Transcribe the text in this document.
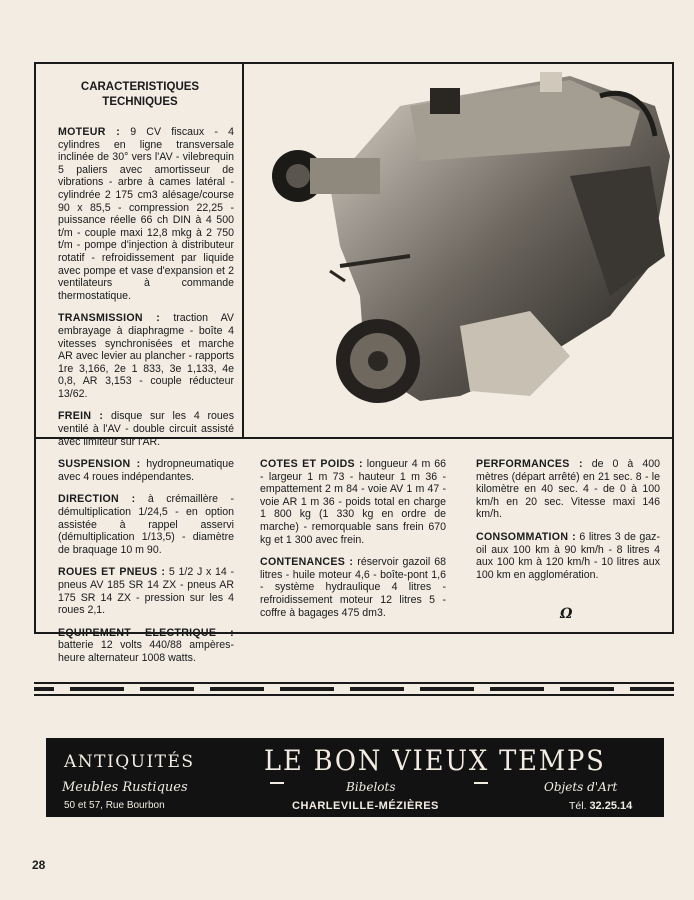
CARACTERISTIQUES
TECHNIQUES

MOTEUR : 9 CV fiscaux - 4 cylindres en ligne transversale inclinée de 30° vers l'AV - vilebrequin 5 paliers avec amortisseur de vibrations - arbre à cames latéral - cylindrée 2 175 cm3 alésage/course 90 x 85,5 - compression 22,25 - puissance réelle 66 ch DIN à 4 500 t/m - couple maxi 12,8 mkg à 2 750 t/m - pompe d'injection à distributeur rotatif - refroidissement par liquide avec pompe et vase d'expansion et 2 ventilateurs à commande thermostatique.

TRANSMISSION : traction AV embrayage à diaphragme - boîte 4 vitesses synchronisées et marche AR avec levier au plancher - rapports 1re 3,166, 2e 1 833, 3e 1,133, 4e 0,8, AR 3,153 - couple réducteur 13/62.

FREIN : disque sur les 4 roues ventilé à l'AV - double circuit assisté avec limiteur sur l'AR.

SUSPENSION : hydropneumatique avec 4 roues indépendantes.

DIRECTION : à crémaillère - démultiplication 1/24,5 - en option assistée à rappel asservi (démultiplication 1/13,5) - diamètre de braquage 10 m 90.

ROUES ET PNEUS : 5 1/2 J x 14 - pneus AV 185 SR 14 ZX - pneus AR 175 SR 14 ZX - pression sur les 4 roues 2,1.

EQUIPEMENT ELECTRIQUE : batterie 12 volts 440/88 ampères-heure alternateur 1008 watts.

COTES ET POIDS : longueur 4 m 66 - largeur 1 m 73 - hauteur 1 m 36 - empattement 2 m 84 - voie AV 1 m 47 - voie AR 1 m 36 - poids total en charge 1 800 kg (1 330 kg en ordre de marche) - remorquable sans frein 670 kg et 1 300 avec frein.

CONTENANCES : réservoir gazoil 68 litres - huile moteur 4,6 - boîte-pont 1,6 - système hydraulique 4 litres - refroidissement moteur 12 litres 5 - coffre à bagages 475 dm3.

PERFORMANCES : de 0 à 400 mètres (départ arrêté) en 21 sec. 8 - le kilomètre en 40 sec. 4 - de 0 à 100 km/h en 20 sec. Vitesse maxi 146 km/h.

CONSOMMATION : 6 litres 3 de gaz-oil aux 100 km à 90 km/h - 8 litres 4 aux 100 km à 120 km/h - 10 litres aux 100 km en agglomération.

Ω
ANTIQUITÉS
Meubles Rustiques
50 et 57, Rue Bourbon
LE BON VIEUX TEMPS
Bibelots
CHARLEVILLE-MÉZIÈRES
Objets d'Art
Tél. 32.25.14
28
